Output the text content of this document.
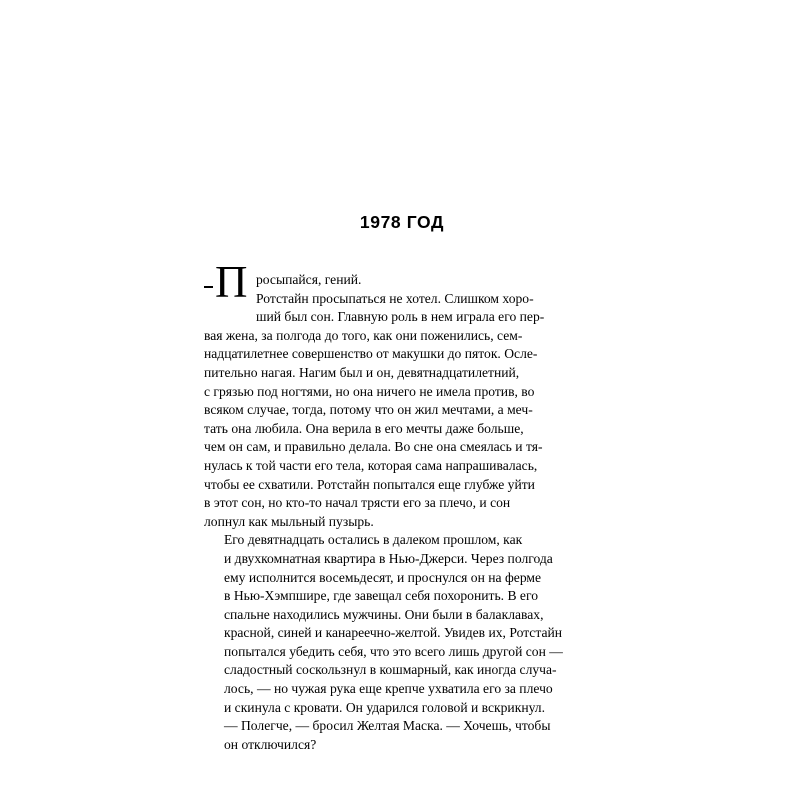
1978 ГОД

П росыпайся, гений.
Ротстайн просыпаться не хотел. Слишком хоро-
ший был сон. Главную роль в нем играла его пер-
вая жена, за полгода до того, как они поженились, сем-
надцатилетнее совершенство от макушки до пяток. Осле-
пительно нагая. Нагим был и он, девятнадцатилетний,
с грязью под ногтями, но она ничего не имела против, во
всяком случае, тогда, потому что он жил мечтами, а меч-
тать она любила. Она верила в его мечты даже больше,
чем он сам, и правильно делала. Во сне она смеялась и тя-
нулась к той части его тела, которая сама напрашивалась,
чтобы ее схватили. Ротстайн попытался еще глубже уйти
в этот сон, но кто-то начал трясти его за плечо, и сон
лопнул как мыльный пузырь.

Его девятнадцать остались в далеком прошлом, как
и двухкомнатная квартира в Нью-Джерси. Через полгода
ему исполнится восемьдесят, и проснулся он на ферме
в Нью-Хэмпшире, где завещал себя похоронить. В его
спальне находились мужчины. Они были в балаклавах,
красной, синей и канареечно-желтой. Увидев их, Ротстайн
попытался убедить себя, что это всего лишь другой сон —
сладостный соскользнул в кошмарный, как иногда случа-
лось, — но чужая рука еще крепче ухватила его за плечо
и скинула с кровати. Он ударился головой и вскрикнул.

— Полегче, — бросил Желтая Маска. — Хочешь, чтобы
он отключился?
